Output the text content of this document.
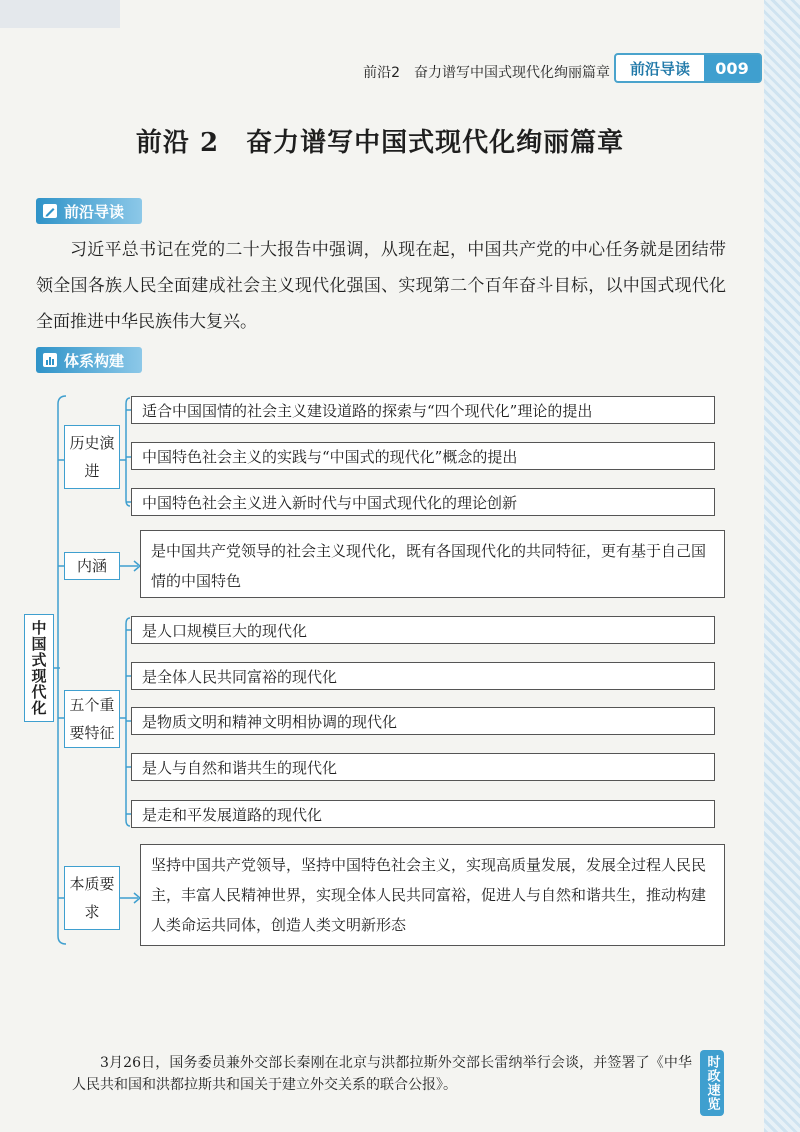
前沿2　奋力谱写中国式现代化绚丽篇章	前沿导读	009
前沿 2　奋力谱写中国式现代化绚丽篇章
前沿导读
习近平总书记在党的二十大报告中强调，从现在起，中国共产党的中心任务就是团结带领全国各族人民全面建成社会主义现代化强国、实现第二个百年奋斗目标，以中国式现代化全面推进中华民族伟大复兴。
体系构建
中国式现代化
历史演进
内涵
五个重要特征
本质要求
适合中国国情的社会主义建设道路的探索与“四个现代化”理论的提出
中国特色社会主义的实践与“中国式的现代化”概念的提出
中国特色社会主义进入新时代与中国式现代化的理论创新
是中国共产党领导的社会主义现代化，既有各国现代化的共同特征，更有基于自己国情的中国特色
是人口规模巨大的现代化
是全体人民共同富裕的现代化
是物质文明和精神文明相协调的现代化
是人与自然和谐共生的现代化
是走和平发展道路的现代化
坚持中国共产党领导，坚持中国特色社会主义，实现高质量发展，发展全过程人民民主，丰富人民精神世界，实现全体人民共同富裕，促进人与自然和谐共生，推动构建人类命运共同体，创造人类文明新形态
3月26日，国务委员兼外交部长秦刚在北京与洪都拉斯外交部长雷纳举行会谈，并签署了《中华人民共和国和洪都拉斯共和国关于建立外交关系的联合公报》。	时政速览
